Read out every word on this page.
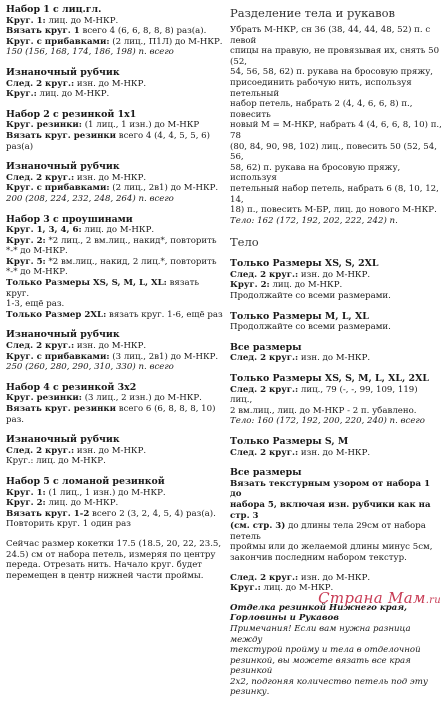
Набор 1 с лиц.гл.
Круг. 1: лиц. до М-НКР.
Вязать круг. 1 всего 4 (6, 6, 8, 8, 8) раз(а).
Круг. с прибавками: (2 лиц., П1Л) до М-НКР.
150 (156, 168, 174, 186, 198) п. всего
Изнаночный рубчик
След. 2 круг.: изн. до М-НКР.
Круг.: лиц. до М-НКР.
Набор 2 с резинкой 1x1
Круг. резинки: (1 лиц., 1 изн.) до М-НКР
Вязать круг. резинки всего 4 (4, 4, 5, 5, 6) раз(а)
Изнаночный рубчик
След. 2 круг.: изн. до М-НКР.
Круг. с прибавками: (2 лиц., 2в1) до М-НКР.
200 (208, 224, 232, 248, 264) п. всего
Набор 3 с проушинами
Круг. 1, 3, 4, 6: лиц. до М-НКР.
Круг. 2: *2 лиц., 2 вм.лиц., накид*, повторить
*-* до М-НКР.
Круг. 5: *2 вм.лиц., накид, 2 лиц.*, повторить
*-* до М-НКР.
Только Размеры XS, S, M, L, XL: вязать круг.
1-3, ещё раз.
Только Размер 2XL: вязать круг. 1-6, ещё раз
Изнаночный рубчик
След. 2 круг.: изн. до М-НКР.
Круг. с прибавками: (3 лиц., 2в1) до М-НКР.
250 (260, 280, 290, 310, 330) п. всего
Набор 4 с резинкой 3x2
Круг. резинки: (3 лиц., 2 изн.) до М-НКР.
Вязать круг. резинки всего 6 (6, 8, 8, 8, 10) раз.
Изнаночный рубчик
След. 2 круг.: изн. до М-НКР.
Круг.: лиц. до М-НКР.
Набор 5 с ломаной резинкой
Круг. 1: (1 лиц., 1 изн.) до М-НКР.
Круг. 2: лиц. до М-НКР.
Вязать круг. 1-2 всего 2 (3, 2, 4, 5, 4) раз(а).
Повторить круг. 1 один раз
Сейчас размер кокетки 17.5 (18.5, 20, 22, 23.5,
24.5) см от набора петель, измеряя по центру
переда. Отрезать нить. Начало круг. будет
перемещен в центр нижней части проймы.
Разделение тела и рукавов
Убрать М-НКР, сн 36 (38, 44, 44, 48, 52) п. с левой
спицы на правую, не провязывая их, снять 50 (52,
54, 56, 58, 62) п. рукава на бросовую пряжу,
присоединить рабочую нить, используя петельный
набор петель, набрать 2 (4, 4, 6, 6, 8) п., повесить
новый М = М-НКР, набрать 4 (4, 6, 6, 8, 10) п., 78
(80, 84, 90, 98, 102) лиц., повесить 50 (52, 54, 56,
58, 62) п. рукава на бросовую пряжу, используя
петельный набор петель, набрать 6 (8, 10, 12, 14,
18) п., повесить М-БР, лиц. до нового М-НКР.
Тело: 162 (172, 192, 202, 222, 242) п.
Тело
Только Размеры XS, S, 2XL
След. 2 круг.: изн. до М-НКР.
Круг. 2: лиц. до М-НКР.
Продолжайте со всеми размерами.
Только Размеры M, L, XL
Продолжайте со всеми размерами.
Все размеры
След. 2 круг.: изн. до М-НКР.
Только Размеры XS, S, M, L, XL, 2XL
След. 2 круг.: лиц., 79 (-, -, 99, 109, 119) лиц.,
2 вм.лиц., лиц. до М-НКР - 2 п. убавлено.
Тело: 160 (172, 192, 200, 220, 240) п. всего
Только Размеры S, M
След. 2 круг.: изн. до М-НКР.
Все размеры
Вязать текстурным узором от набора 1 до
набора 5, включая изн. рубчики как на стр. 3
(см. стр. 3) до длины тела 29см от набора петель
проймы или до желаемой длины минус 5см,
закончив последним набором текстур.
След. 2 круг.: изн. до М-НКР.
Круг.: лиц. до М-НКР.
Отделка резинкой Нижнего края, Горловины и Рукавов
Примечания! Если вам нужна разница между
текстурой пройму и тела в отделочной
резинкой, вы можете вязать все края резинкой
2x2, подгоняя количество петель под эту резинку.
Страна Мам.ru
